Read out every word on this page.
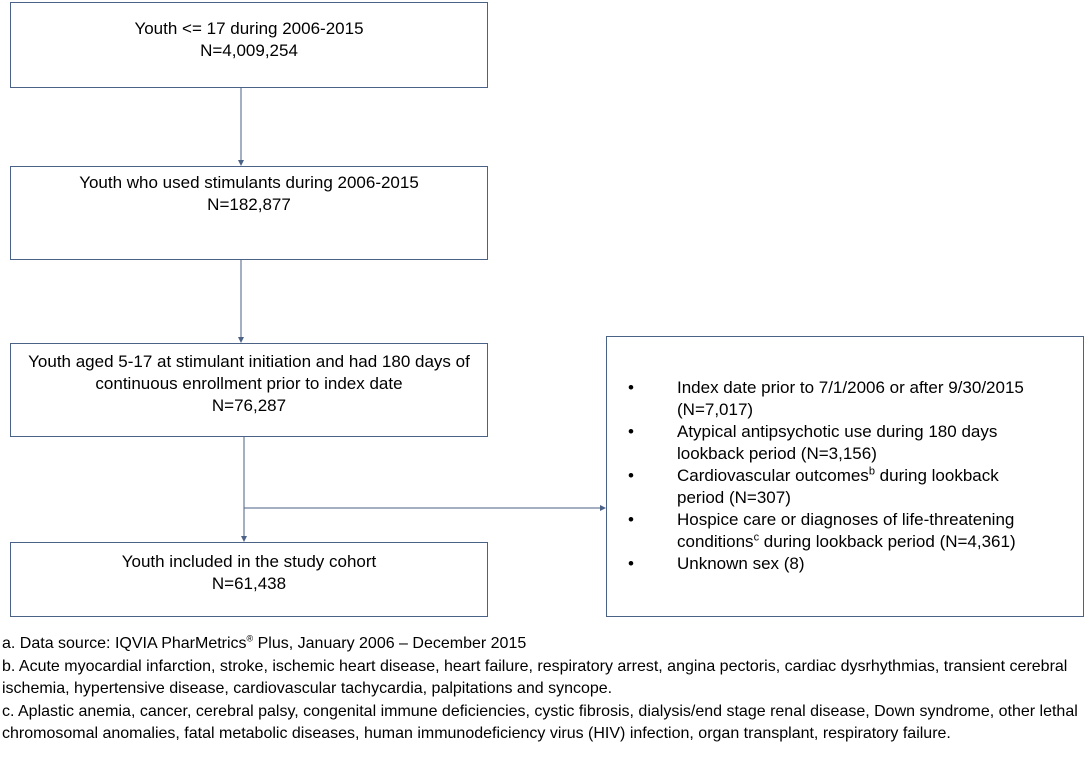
Youth <= 17 during 2006-2015
N=4,009,254
Youth who used stimulants during 2006-2015
N=182,877
Youth aged 5-17 at stimulant initiation and had 180 days of
continuous enrollment prior to index date
N=76,287
Youth included in the study cohort
N=61,438
•	Index date prior to 7/1/2006 or after 9/30/2015
(N=7,017)
•	Atypical antipsychotic use during 180 days
lookback period (N=3,156)
•	Cardiovascular outcomes$^b$ during lookback
period (N=307)
•	Hospice care or diagnoses of life-threatening
conditions$^c$ during lookback period (N=4,361)
•	Unknown sex (8)

a. Data source: IQVIA PharMetrics® Plus, January 2006 – December 2015

b. Acute myocardial infarction, stroke, ischemic heart disease, heart failure, respiratory arrest, angina pectoris, cardiac dysrhythmias, transient cerebral ischemia, hypertensive disease, cardiovascular tachycardia, palpitations and syncope.

c. Aplastic anemia, cancer, cerebral palsy, congenital immune deficiencies, cystic fibrosis, dialysis/end stage renal disease, Down syndrome, other lethal chromosomal anomalies, fatal metabolic diseases, human immunodeficiency virus (HIV) infection, organ transplant, respiratory failure.
